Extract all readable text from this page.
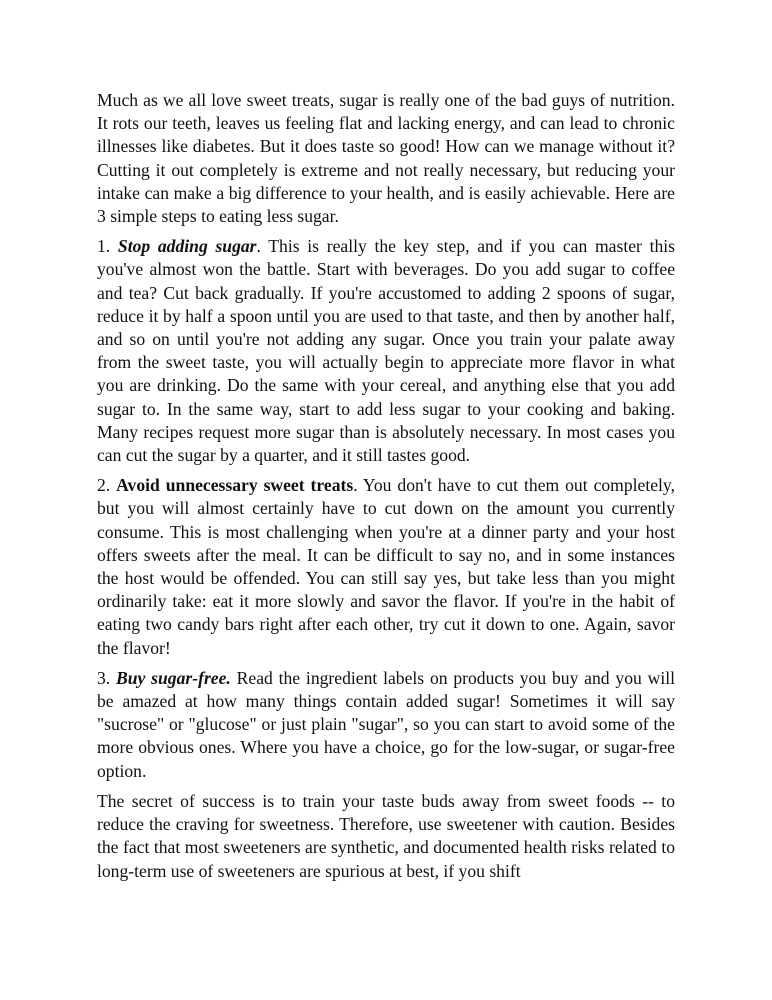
Much as we all love sweet treats, sugar is really one of the bad guys of nutrition. It rots our teeth, leaves us feeling flat and lacking energy, and can lead to chronic illnesses like diabetes. But it does taste so good! How can we manage without it? Cutting it out completely is extreme and not really necessary, but reducing your intake can make a big difference to your health, and is easily achievable. Here are 3 simple steps to eating less sugar.

1. Stop adding sugar. This is really the key step, and if you can master this you've almost won the battle. Start with beverages. Do you add sugar to coffee and tea? Cut back gradually. If you're accustomed to adding 2 spoons of sugar, reduce it by half a spoon until you are used to that taste, and then by another half, and so on until you're not adding any sugar. Once you train your palate away from the sweet taste, you will actually begin to appreciate more flavor in what you are drinking. Do the same with your cereal, and anything else that you add sugar to. In the same way, start to add less sugar to your cooking and baking. Many recipes request more sugar than is absolutely necessary. In most cases you can cut the sugar by a quarter, and it still tastes good.

2. Avoid unnecessary sweet treats. You don't have to cut them out completely, but you will almost certainly have to cut down on the amount you currently consume. This is most challenging when you're at a dinner party and your host offers sweets after the meal. It can be difficult to say no, and in some instances the host would be offended. You can still say yes, but take less than you might ordinarily take: eat it more slowly and savor the flavor. If you're in the habit of eating two candy bars right after each other, try cut it down to one. Again, savor the flavor!

3. Buy sugar-free. Read the ingredient labels on products you buy and you will be amazed at how many things contain added sugar! Sometimes it will say "sucrose" or "glucose" or just plain "sugar", so you can start to avoid some of the more obvious ones. Where you have a choice, go for the low-sugar, or sugar-free option.

The secret of success is to train your taste buds away from sweet foods -- to reduce the craving for sweetness. Therefore, use sweetener with caution. Besides the fact that most sweeteners are synthetic, and documented health risks related to long-term use of sweeteners are spurious at best, if you shift
